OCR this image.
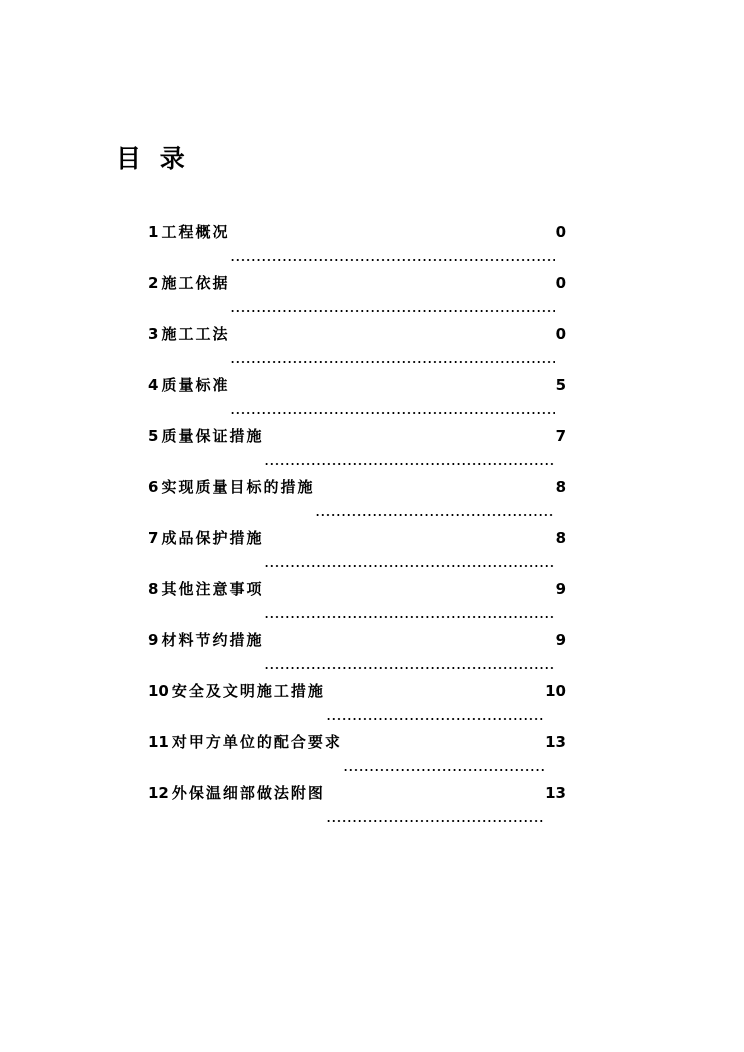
目 录
1 工程概况	0
2 施工依据	0
3 施工工法	0
4 质量标准	5
5 质量保证措施	7
6 实现质量目标的措施	8
7 成品保护措施	8
8 其他注意事项	9
9 材料节约措施	9
10 安全及文明施工措施	10
11 对甲方单位的配合要求	13
12 外保温细部做法附图	13
